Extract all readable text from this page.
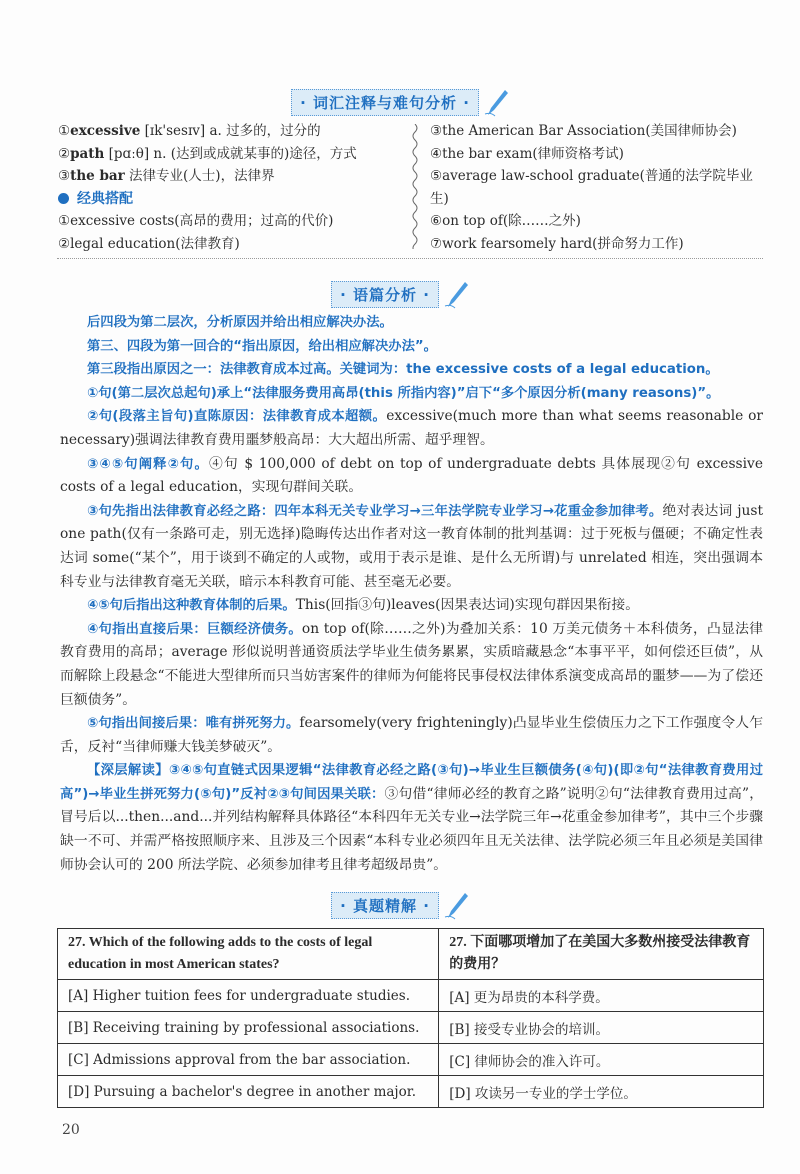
· 词汇注释与难句分析 ·
①excessive [ɪk'sesɪv] a. 过多的，过分的
②path [pɑːθ] n. (达到或成就某事的)途径，方式
③the bar 法律专业(人士)，法律界
经典搭配
①excessive costs(高昂的费用；过高的代价)
②legal education(法律教育)
③the American Bar Association(美国律师协会)
④the bar exam(律师资格考试)
⑤average law-school graduate(普通的法学院毕业生)
⑥on top of(除……之外)
⑦work fearsomely hard(拼命努力工作)
· 语篇分析 ·

后四段为第二层次，分析原因并给出相应解决办法。

第三、四段为第一回合的“指出原因，给出相应解决办法”。

第三段指出原因之一：法律教育成本过高。关键词为：the excessive costs of a legal education。

①句(第二层次总起句)承上“法律服务费用高昂(this 所指内容)”启下“多个原因分析(many reasons)”。

②句(段落主旨句)直陈原因：法律教育成本超额。excessive(much more than what seems reasonable or necessary)强调法律教育费用噩梦般高昂：大大超出所需、超乎理智。

③④⑤句阐释②句。④句 $ 100,000 of debt on top of undergraduate debts 具体展现②句 excessive costs of a legal education，实现句群间关联。

③句先指出法律教育必经之路：四年本科无关专业学习→三年法学院专业学习→花重金参加律考。绝对表达词 just one path(仅有一条路可走，别无选择)隐晦传达出作者对这一教育体制的批判基调：过于死板与僵硬；不确定性表达词 some(“某个”，用于谈到不确定的人或物，或用于表示是谁、是什么无所谓)与 unrelated 相连，突出强调本科专业与法律教育毫无关联，暗示本科教育可能、甚至毫无必要。

④⑤句后指出这种教育体制的后果。This(回指③句)leaves(因果表达词)实现句群因果衔接。

④句指出直接后果：巨额经济债务。on top of(除……之外)为叠加关系：10 万美元债务＋本科债务，凸显法律教育费用的高昂；average 形似说明普通资质法学毕业生债务累累，实质暗藏悬念“本事平平，如何偿还巨债”，从而解除上段悬念“不能进大型律所而只当妨害案件的律师为何能将民事侵权法律体系演变成高昂的噩梦——为了偿还巨额债务”。

⑤句指出间接后果：唯有拼死努力。fearsomely(very frighteningly)凸显毕业生偿债压力之下工作强度令人乍舌，反衬“当律师赚大钱美梦破灭”。

【深层解读】③④⑤句直链式因果逻辑“法律教育必经之路(③句)→毕业生巨额债务(④句)(即②句“法律教育费用过高”)→毕业生拼死努力(⑤句)”反衬②③句间因果关联：③句借“律师必经的教育之路”说明②句“法律教育费用过高”，冒号后以...then...and...并列结构解释具体路径“本科四年无关专业→法学院三年→花重金参加律考”，其中三个步骤缺一不可、并需严格按照顺序来、且涉及三个因素“本科专业必须四年且无关法律、法学院必须三年且必须是美国律师协会认可的 200 所法学院、必须参加律考且律考超级昂贵”。

· 真题精解 ·
27. Which of the following adds to the costs of legal education in most American states?	27. 下面哪项增加了在美国大多数州接受法律教育的费用？
[A] Higher tuition fees for undergraduate studies.	[A] 更为昂贵的本科学费。
[B] Receiving training by professional associations.	[B] 接受专业协会的培训。
[C] Admissions approval from the bar association.	[C] 律师协会的准入许可。
[D] Pursuing a bachelor's degree in another major.	[D] 攻读另一专业的学士学位。
20
